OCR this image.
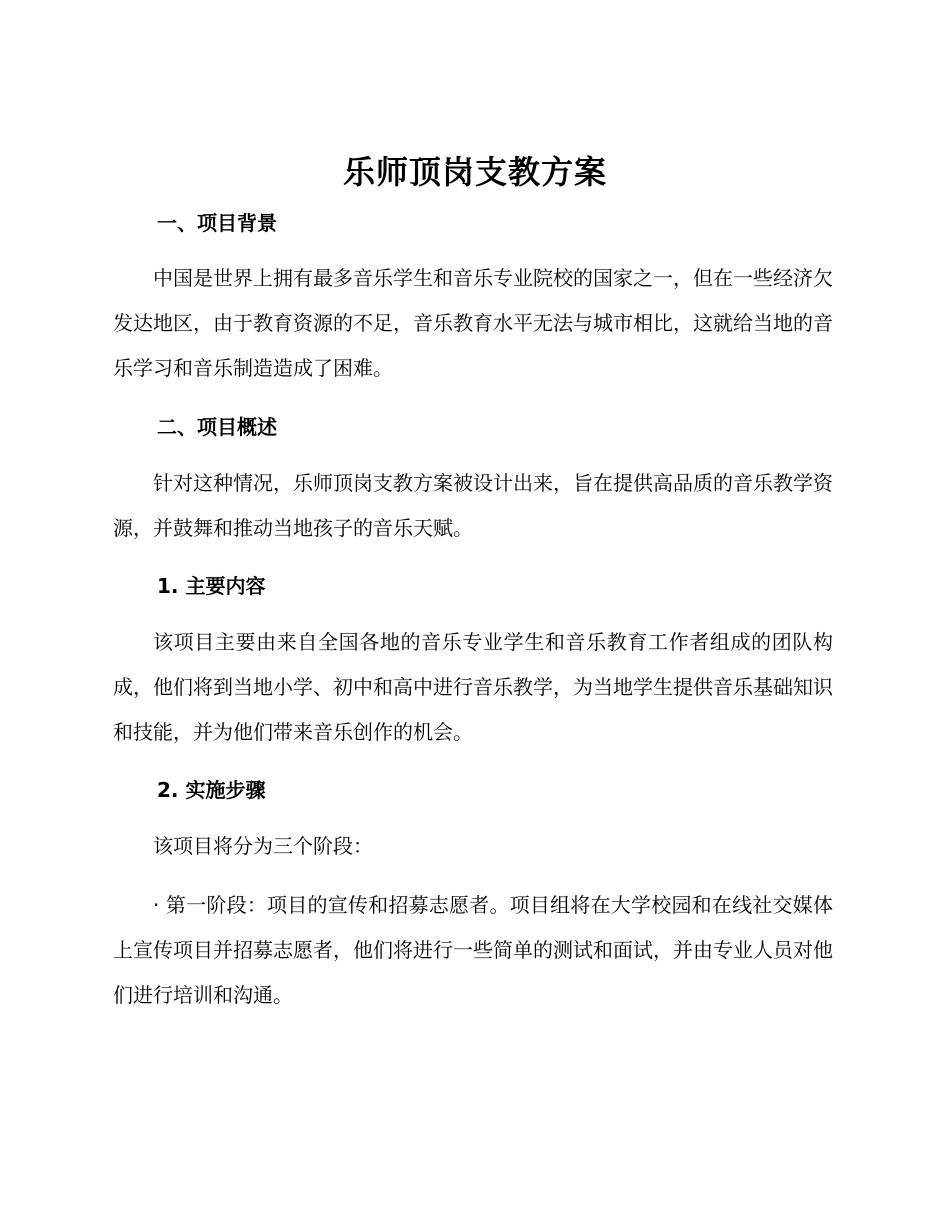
乐师顶岗支教方案
一、项目背景

中国是世界上拥有最多音乐学生和音乐专业院校的国家之一，但在一些经济欠发达地区，由于教育资源的不足，音乐教育水平无法与城市相比，这就给当地的音乐学习和音乐制造造成了困难。

二、项目概述

针对这种情况，乐师顶岗支教方案被设计出来，旨在提供高品质的音乐教学资源，并鼓舞和推动当地孩子的音乐天赋。

1. 主要内容

该项目主要由来自全国各地的音乐专业学生和音乐教育工作者组成的团队构成，他们将到当地小学、初中和高中进行音乐教学，为当地学生提供音乐基础知识和技能，并为他们带来音乐创作的机会。

2. 实施步骤

该项目将分为三个阶段：

· 第一阶段：项目的宣传和招募志愿者。项目组将在大学校园和在线社交媒体上宣传项目并招募志愿者，他们将进行一些简单的测试和面试，并由专业人员对他们进行培训和沟通。
